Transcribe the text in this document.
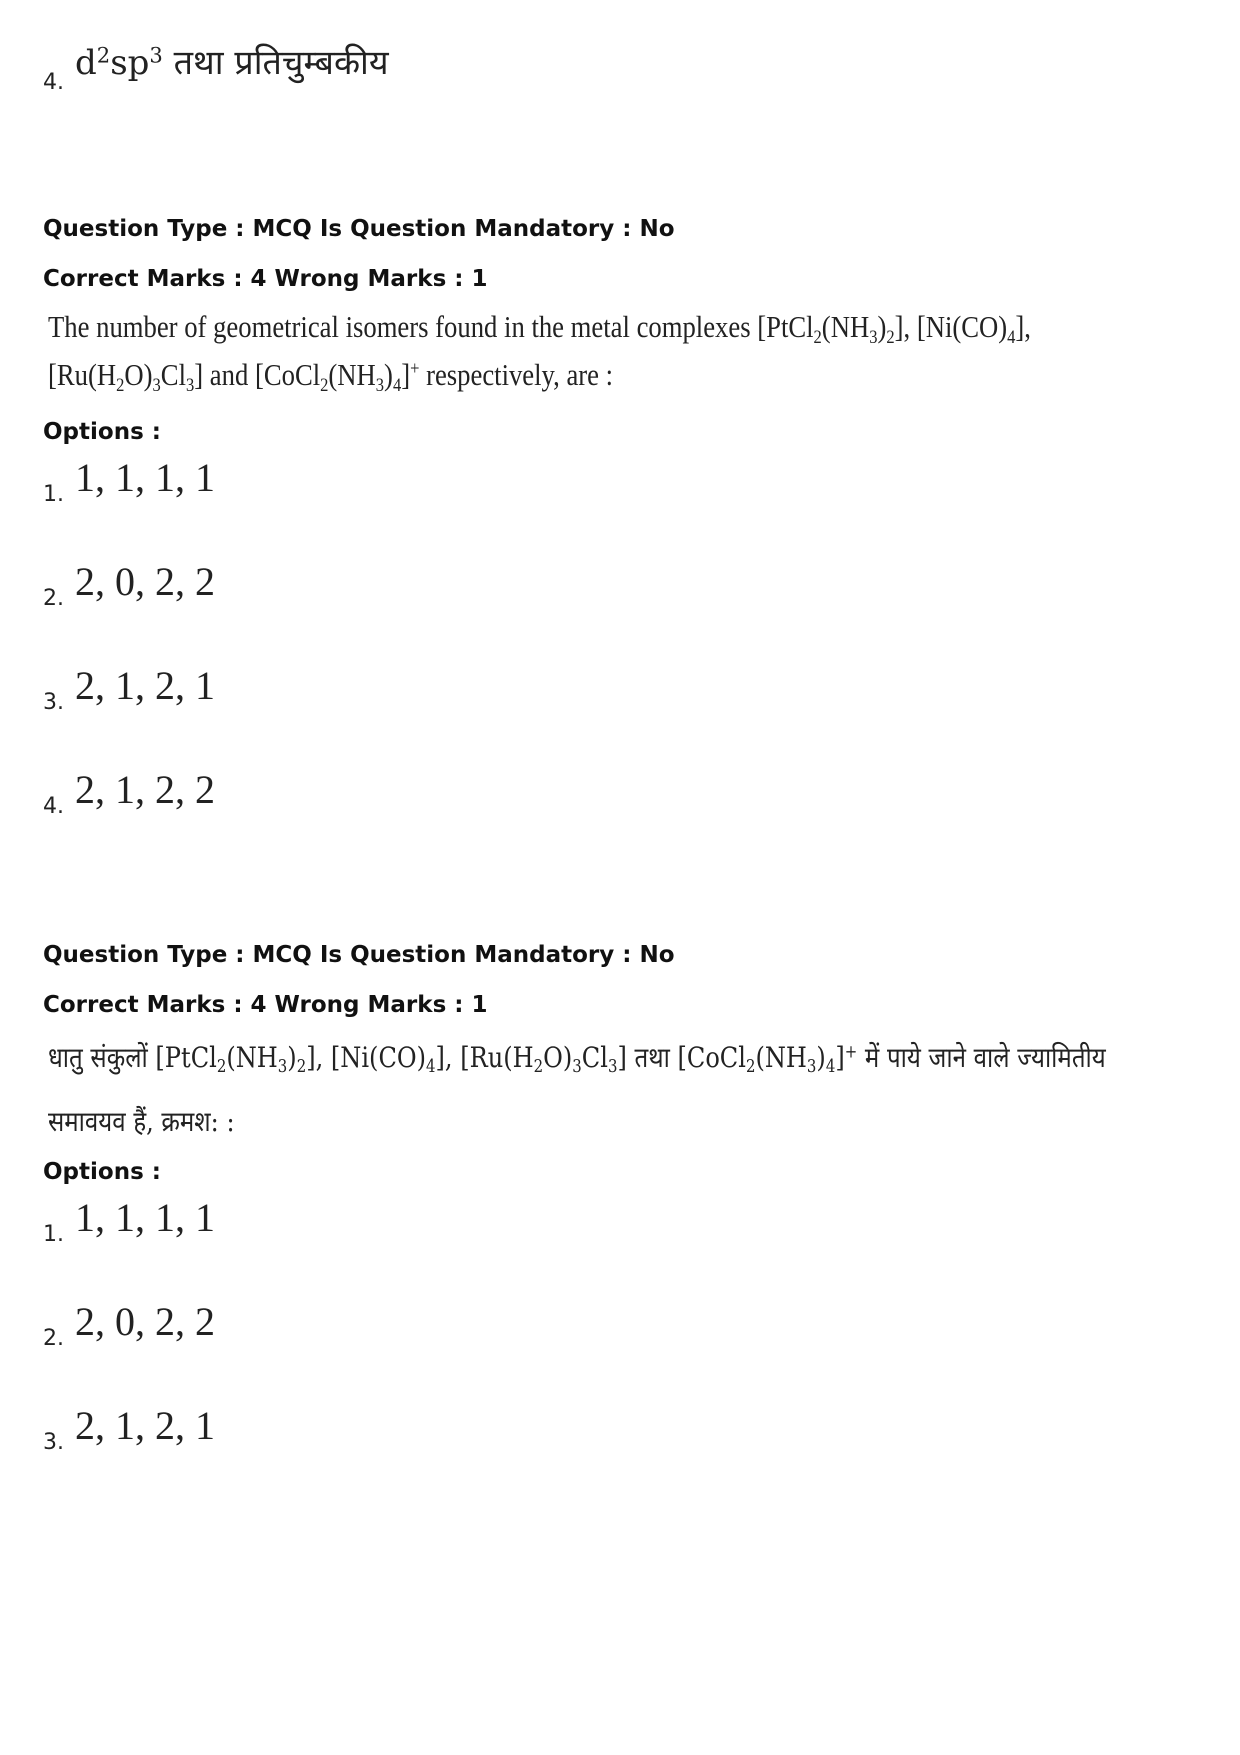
4. $d^2sp^3$ तथा प्रतिचुम्बकीय
Question Type : MCQ Is Question Mandatory : No
Correct Marks : 4 Wrong Marks : 1
The number of geometrical isomers found in the metal complexes $[PtCl_2(NH_3)_2]$, $[Ni(CO)_4]$,
$[Ru(H_2O)_3Cl_3]$ and $[CoCl_2(NH_3)_4]^+$ respectively, are :
Options :
1. 1, 1, 1, 1
2. 2, 0, 2, 2
3. 2, 1, 2, 1
4. 2, 1, 2, 2
Question Type : MCQ Is Question Mandatory : No
Correct Marks : 4 Wrong Marks : 1
धातु संकुलों $[PtCl_2(NH_3)_2]$, $[Ni(CO)_4]$, $[Ru(H_2O)_3Cl_3]$ तथा $[CoCl_2(NH_3)_4]^+$ में पाये जाने वाले ज्यामितीय
समावयव हैं, क्रमश: :
Options :
1. 1, 1, 1, 1
2. 2, 0, 2, 2
3. 2, 1, 2, 1
